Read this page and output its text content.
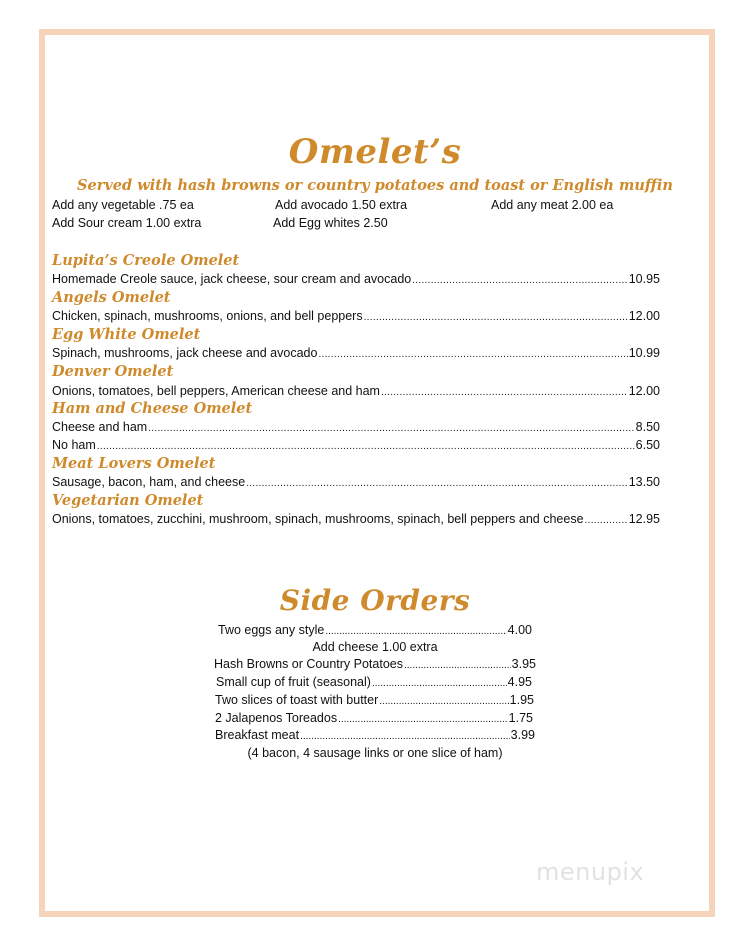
Omelet’s
Served with hash browns or country potatoes and toast or English muffin
Add any vegetable .75 ea	Add avocado 1.50 extra	Add any meat 2.00 ea
Add Sour cream 1.00 extra	Add Egg whites 2.50
Lupita’s Creole Omelet
Homemade Creole sauce, jack cheese, sour cream and avocado .....	10.95
Angels Omelet
Chicken, spinach, mushrooms, onions, and bell peppers .....	12.00
Egg White Omelet
Spinach, mushrooms, jack cheese and avocado .....	10.99
Denver Omelet
Onions, tomatoes, bell peppers, American cheese and ham .....	12.00
Ham and Cheese Omelet
Cheese and ham .....	8.50
No ham .....	6.50
Meat Lovers Omelet
Sausage, bacon, ham, and cheese .....	13.50
Vegetarian Omelet
Onions, tomatoes, zucchini, mushroom, spinach, mushrooms, spinach, bell peppers and cheese .....	12.95
Side Orders
Two eggs any style .....	4.00
Add cheese 1.00 extra
Hash Browns or Country Potatoes .....	3.95
Small cup of fruit (seasonal) .....	4.95
Two slices of toast with butter .....	1.95
2 Jalapenos Toreados .....	1.75
Breakfast meat .....	3.99
(4 bacon, 4 sausage links or one slice of ham)
menupix
